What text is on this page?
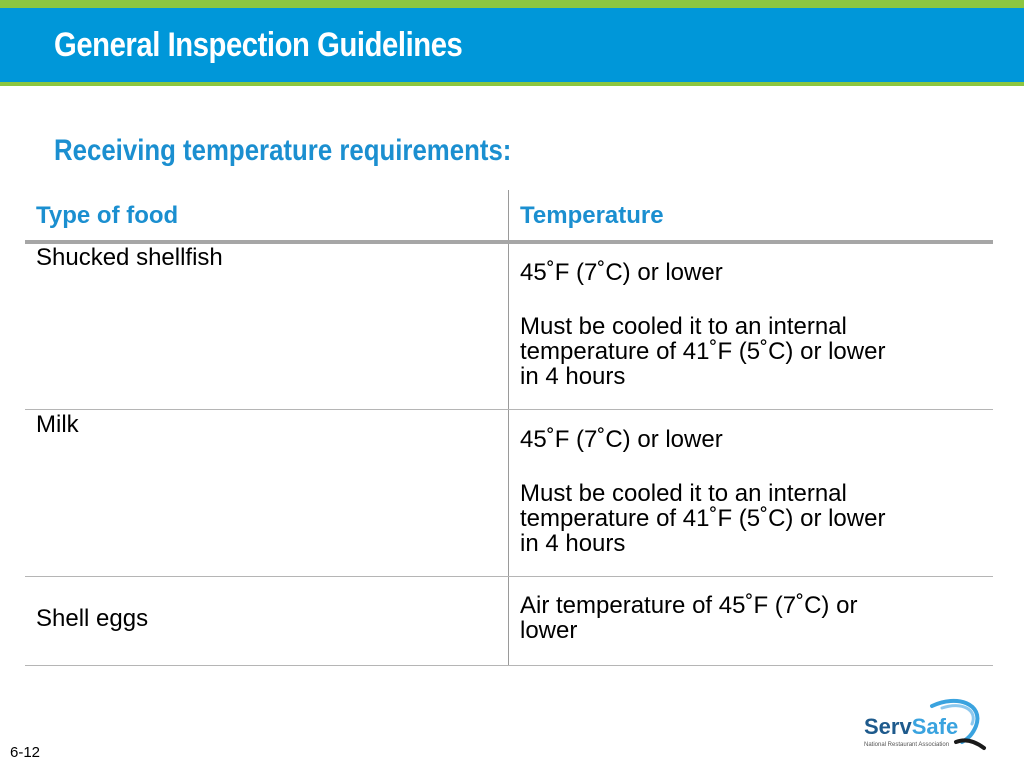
General Inspection Guidelines
Receiving temperature requirements:
Type of food	Temperature
Shucked shellfish
45˚F (7˚C) or lower
Must be cooled it to an internal
temperature of 41˚F (5˚C) or lower
in 4 hours
Milk
45˚F (7˚C) or lower
Must be cooled it to an internal
temperature of 41˚F (5˚C) or lower
in 4 hours
Shell eggs	Air temperature of 45˚F (7˚C) or
lower
ServSafe
National Restaurant Association
6-12
